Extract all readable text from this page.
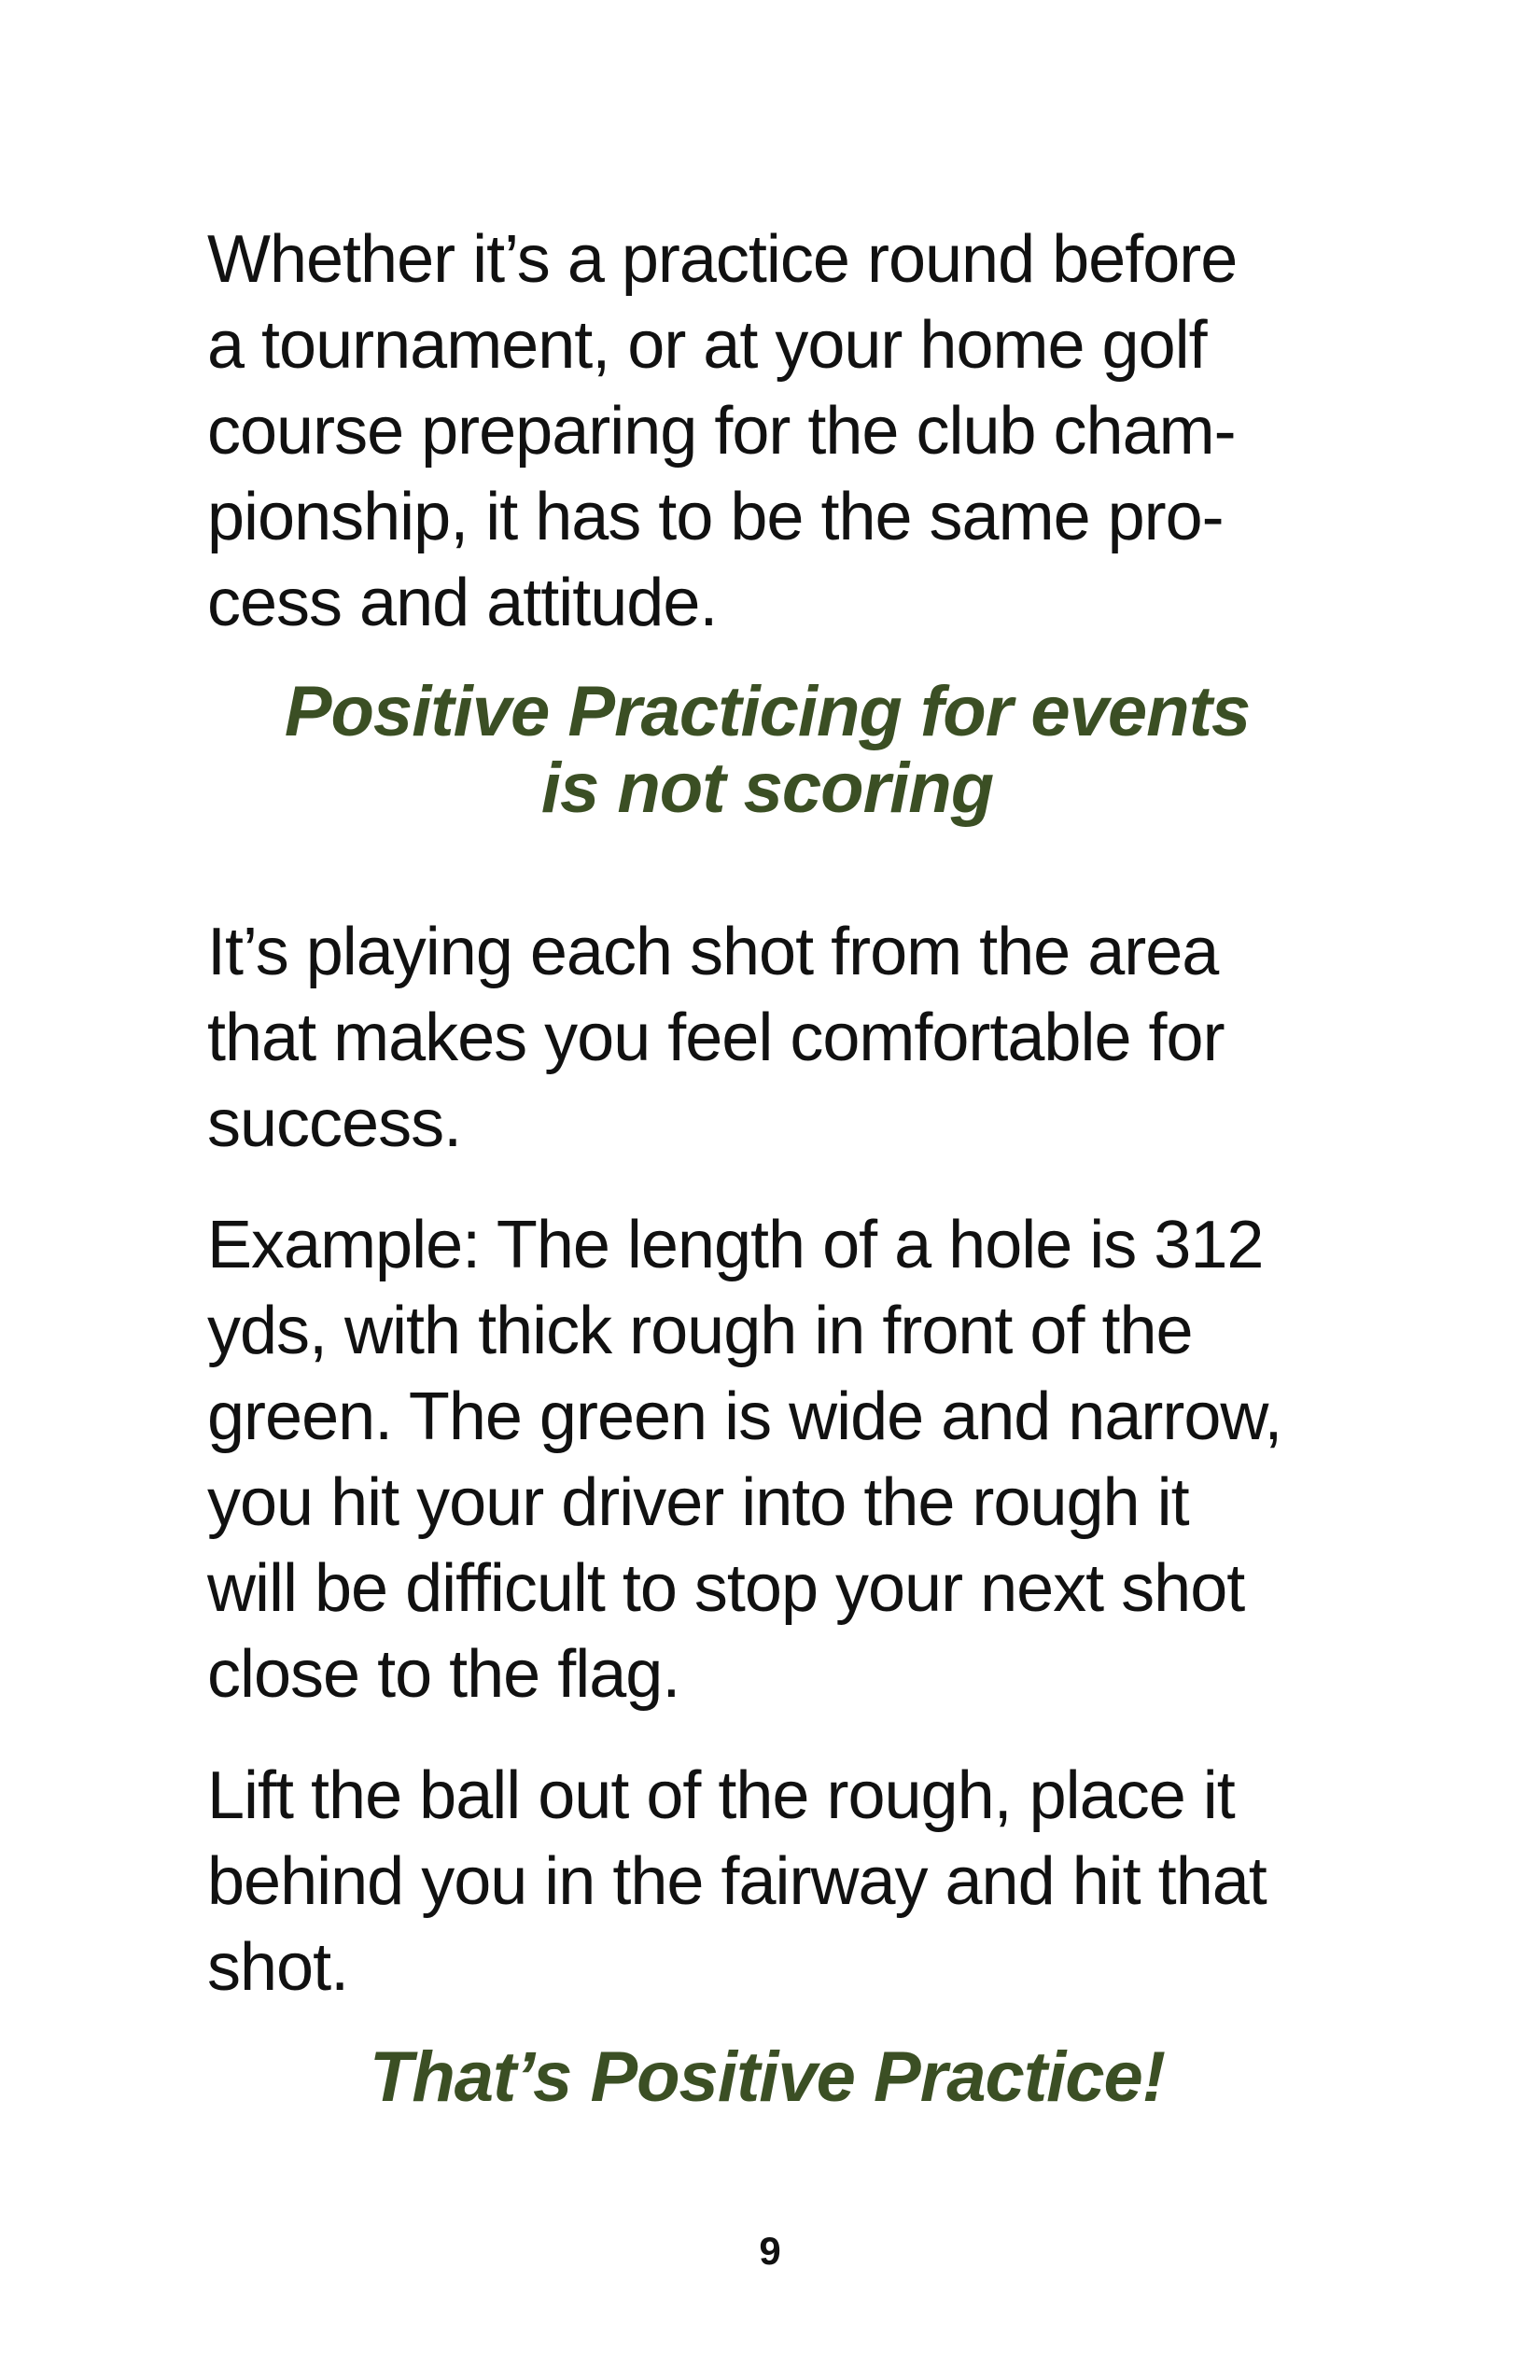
Whether it’s a practice round before
a tournament, or at your home golf
course preparing for the club cham-
pionship, it has to be the same pro-
cess and attitude.

Positive Practicing for events
is not scoring

It’s playing each shot from the area
that makes you feel comfortable for
success.

Example: The length of a hole is 312
yds, with thick rough in front of the
green. The green is wide and narrow,
you hit your driver into the rough it
will be difficult to stop your next shot
close to the flag.

Lift the ball out of the rough, place it
behind you in the fairway and hit that
shot.

That’s Positive Practice!
9
